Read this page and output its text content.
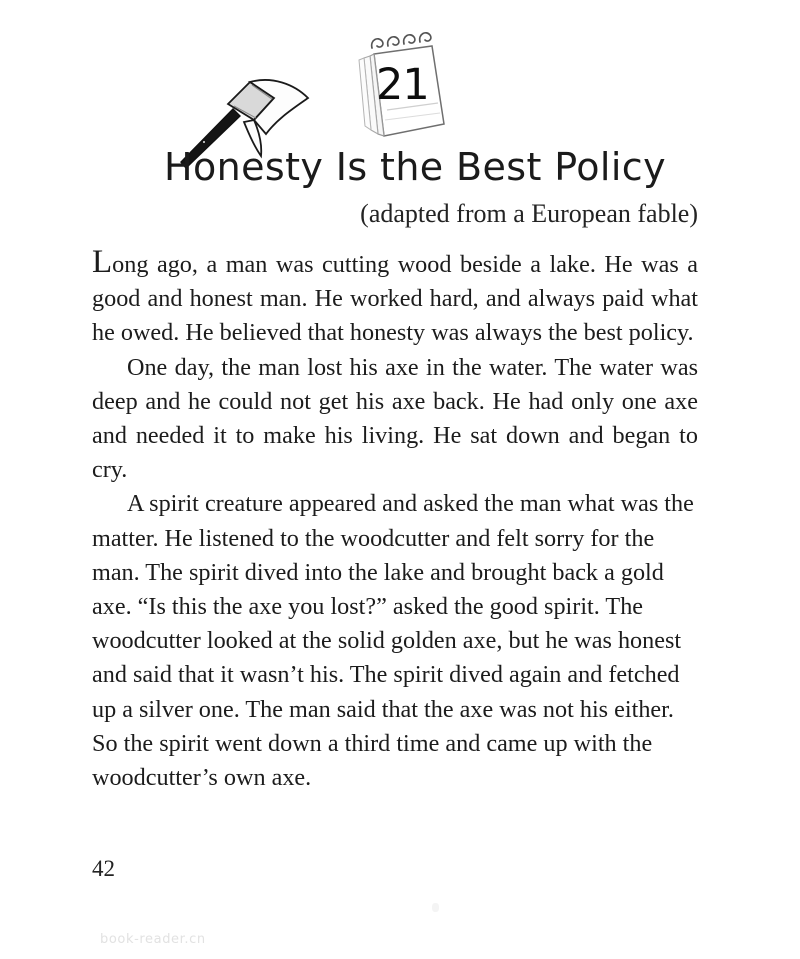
21
Honesty Is the Best Policy
(adapted from a European fable)

Long ago, a man was cutting wood beside a lake. He was a good and honest man. He worked hard, and always paid what he owed. He believed that honesty was always the best policy.

One day, the man lost his axe in the water. The water was deep and he could not get his axe back. He had only one axe and needed it to make his living. He sat down and began to cry.

A spirit creature appeared and asked the man what was the matter. He listened to the woodcutter and felt sorry for the man. The spirit dived into the lake and brought back a gold axe. “Is this the axe you lost?” asked the good spirit. The woodcutter looked at the solid golden axe, but he was honest and said that it wasn’t his. The spirit dived again and fetched up a silver one. The man said that the axe was not his either. So the spirit went down a third time and came up with the woodcutter’s own axe.

42
book-reader.cn
